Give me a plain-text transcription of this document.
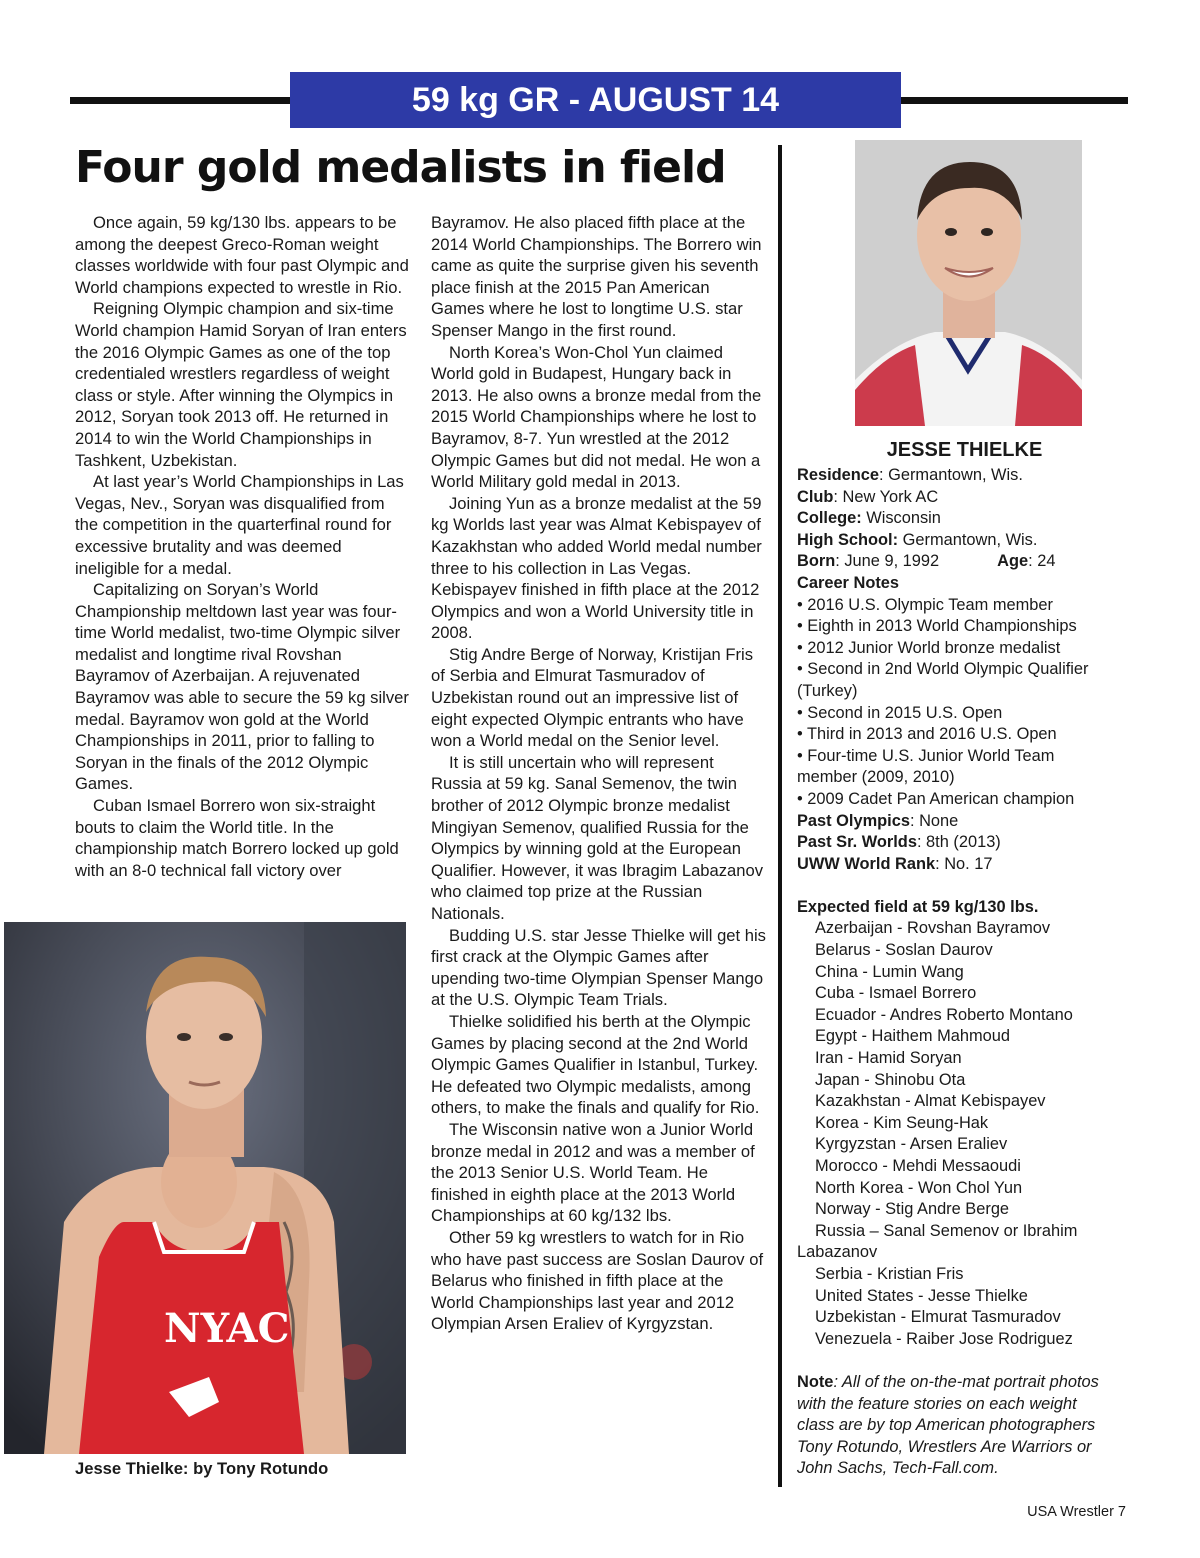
59 kg GR - AUGUST 14
Four gold medalists in field

Once again, 59 kg/130 lbs. appears to be among the deepest Greco-Roman weight classes worldwide with four past Olympic and World champions expected to wrestle in Rio.

Reigning Olympic champion and six-time World champion Hamid Soryan of Iran enters the 2016 Olympic Games as one of the top credentialed wrestlers regardless of weight class or style. After winning the Olympics in 2012, Soryan took 2013 off. He returned in 2014 to win the World Championships in Tashkent, Uzbekistan.

At last year’s World Championships in Las Vegas, Nev., Soryan was disqualified from the competition in the quarterfinal round for excessive brutality and was deemed ineligible for a medal.

Capitalizing on Soryan’s World Championship meltdown last year was four-time World medalist, two-time Olympic silver medalist and longtime rival Rovshan Bayramov of Azerbaijan. A rejuvenated Bayramov was able to secure the 59 kg silver medal. Bayramov won gold at the World Championships in 2011, prior to falling to Soryan in the finals of the 2012 Olympic Games.

Cuban Ismael Borrero won six-straight bouts to claim the World title. In the championship match Borrero locked up gold with an 8-0 technical fall victory over

Bayramov. He also placed fifth place at the 2014 World Championships. The Borrero win came as quite the surprise given his seventh place finish at the 2015 Pan American Games where he lost to longtime U.S. star Spenser Mango in the first round.

North Korea’s Won-Chol Yun claimed World gold in Budapest, Hungary back in 2013. He also owns a bronze medal from the 2015 World Championships where he lost to Bayramov, 8-7. Yun wrestled at the 2012 Olympic Games but did not medal. He won a World Military gold medal in 2013.

Joining Yun as a bronze medalist at the 59 kg Worlds last year was Almat Kebispayev of Kazakhstan who added World medal number three to his collection in Las Vegas. Kebispayev finished in fifth place at the 2012 Olympics and won a World University title in 2008.

Stig Andre Berge of Norway, Kristijan Fris of Serbia and Elmurat Tasmuradov of Uzbekistan round out an impressive list of eight expected Olympic entrants who have won a World medal on the Senior level.

It is still uncertain who will represent Russia at 59 kg. Sanal Semenov, the twin brother of 2012 Olympic bronze medalist Mingiyan Semenov, qualified Russia for the Olympics by winning gold at the European Qualifier. However, it was Ibragim Labazanov who claimed top prize at the Russian Nationals.

Budding U.S. star Jesse Thielke will get his first crack at the Olympic Games after upending two-time Olympian Spenser Mango at the U.S. Olympic Team Trials.

Thielke solidified his berth at the Olympic Games by placing second at the 2nd World Olympic Games Qualifier in Istanbul, Turkey. He defeated two Olympic medalists, among others, to make the finals and qualify for Rio.

The Wisconsin native won a Junior World bronze medal in 2012 and was a member of the 2013 Senior U.S. World Team. He finished in eighth place at the 2013 World Championships at 60 kg/132 lbs.

Other 59 kg wrestlers to watch for in Rio who have past success are Soslan Daurov of Belarus who finished in fifth place at the World Championships last year and 2012 Olympian Arsen Eraliev of Kyrgyzstan.

NYAC
Jesse Thielke: by Tony Rotundo
JESSE THIELKE
Residence: Germantown, Wis.
Club: New York AC
College: Wisconsin
High School: Germantown, Wis.
Born: June 9, 1992	Age: 24
Career Notes
• 2016 U.S. Olympic Team member
• Eighth in 2013 World Championships
• 2012 Junior World bronze medalist
• Second in 2nd World Olympic Qualifier
(Turkey)
• Second in 2015 U.S. Open
• Third in 2013 and 2016 U.S. Open
• Four-time U.S. Junior World Team
member (2009, 2010)
• 2009 Cadet Pan American champion
Past Olympics: None
Past Sr. Worlds: 8th (2013)
UWW World Rank: No. 17
Expected field at 59 kg/130 lbs.
Azerbaijan - Rovshan Bayramov
Belarus - Soslan Daurov
China - Lumin Wang
Cuba - Ismael Borrero
Ecuador - Andres Roberto Montano
Egypt - Haithem Mahmoud
Iran - Hamid Soryan
Japan - Shinobu Ota
Kazakhstan - Almat Kebispayev
Korea - Kim Seung-Hak
Kyrgyzstan - Arsen Eraliev
Morocco - Mehdi Messaoudi
North Korea - Won Chol Yun
Norway - Stig Andre Berge
Russia – Sanal Semenov or Ibrahim
Labazanov
Serbia - Kristian Fris
United States - Jesse Thielke
Uzbekistan - Elmurat Tasmuradov
Venezuela - Raiber Jose Rodriguez
Note: All of the on-the-mat portrait photos
with the feature stories on each weight
class are by top American photographers
Tony Rotundo, Wrestlers Are Warriors or
John Sachs, Tech-Fall.com.
USA Wrestler 7
